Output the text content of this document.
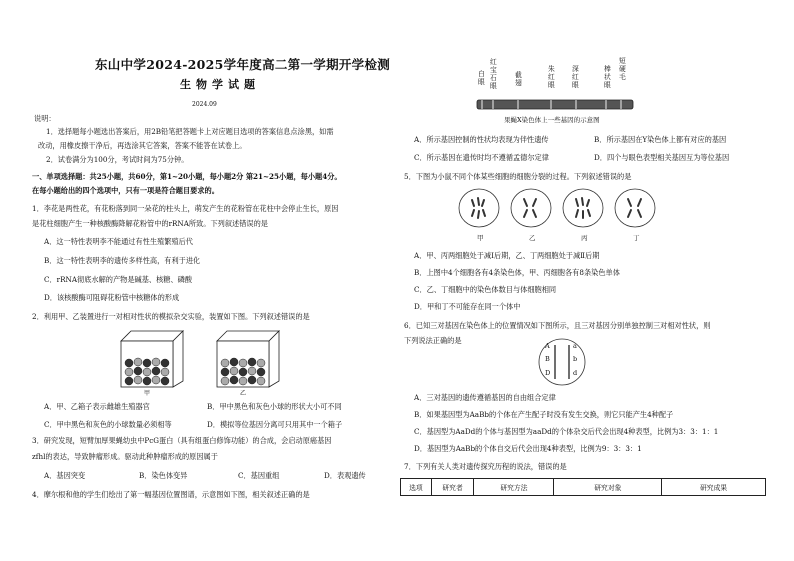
东山中学2024-2025学年度高二第一学期开学检测
生物学试题
2024.09
说明：
1．选择题每小题选出答案后，用2B铅笔把答题卡上对应题目选项的答案信息点涂黑，如需
改动，用橡皮擦干净后，再选涂其它答案，答案不能答在试卷上。
2．试卷满分为100分，考试时间为75分钟。
一、单项选择题：共25小题，共60分，第1~20小题，每小题2分 第21~25小题，每小题4分。
在每小题给出的四个选项中，只有一项是符合题目要求的。
1．李花是两性花，有花粉落到同一朵花的柱头上，萌发产生的花粉管在花柱中会停止生长，原因
是花柱细胞产生一种核酸酶降解花粉管中的rRNA所致。下列叙述错误的是
A．这一特性表明李不能通过有性生殖繁殖后代
B．这一特性表明李的遗传多样性高，有利于进化
C．rRNA彻底水解的产物是碱基、核糖、磷酸
D．该核酸酶可阻碍花粉管中核糖体的形成
2．利用甲、乙装置进行一对相对性状的模拟杂交实验，装置如下图。下列叙述错误的是
甲	乙
A．甲、乙箱子表示雌雄生殖器官	B．甲中黑色和灰色小球的形状大小可不同
C．甲中黑色和灰色的小球数量必须相等	D．模拟等位基因分离可只用其中一个箱子
3．研究发现，短臂加厚果蝇幼虫中PcG蛋白（具有组蛋白修饰功能）的合成，会启动原癌基因
zfhl的表达，导致肿瘤形成。驱动此种肿瘤形成的原因属于
A．基因突变	B．染色体变异	C．基因重组	D．表观遗传
4．摩尔根和他的学生们绘出了第一幅基因位置图谱，示意图如下图，相关叙述正确的是
白眼
红宝石眼
截翅
朱红眼
深红眼
棒状眼
短硬毛
果蝇X染色体上一些基因的示意图
A．所示基因控制的性状均表现为伴性遗传	B．所示基因在Y染色体上都有对应的基因
C．所示基因在遗传时均不遵循孟德尔定律	D．四个与眼色表型相关基因互为等位基因
5．下图为小鼠不同个体某些细胞的细胞分裂的过程。下列叙述错误的是
甲	乙	丙	丁
A．甲、丙两细胞处于减Ⅰ后期，乙、丁两细胞处于减Ⅱ后期
B．上图中4个细胞各有4条染色体，甲、丙细胞各有8条染色单体
C．乙、丁细胞中的染色体数目与体细胞相同
D．甲和丁不可能存在同一个体中
6．已知三对基因在染色体上的位置情况如下图所示，且三对基因分别单独控制三对相对性状，则
下列说法正确的是
A
B
D
a
b
d
A．三对基因的遗传遵循基因的自由组合定律
B．如果基因型为AaBb的个体在产生配子时没有发生交换，则它只能产生4种配子
C．基因型为AaDd的个体与基因型为aaDd的个体杂交后代会出现4种表型，比例为3：3：1：1
D．基因型为AaBb的个体自交后代会出现4种表型，比例为9：3：3：1
7．下列有关人类对遗传探究历程的说法，错误的是
选项	研究者	研究方法	研究对象	研究成果
